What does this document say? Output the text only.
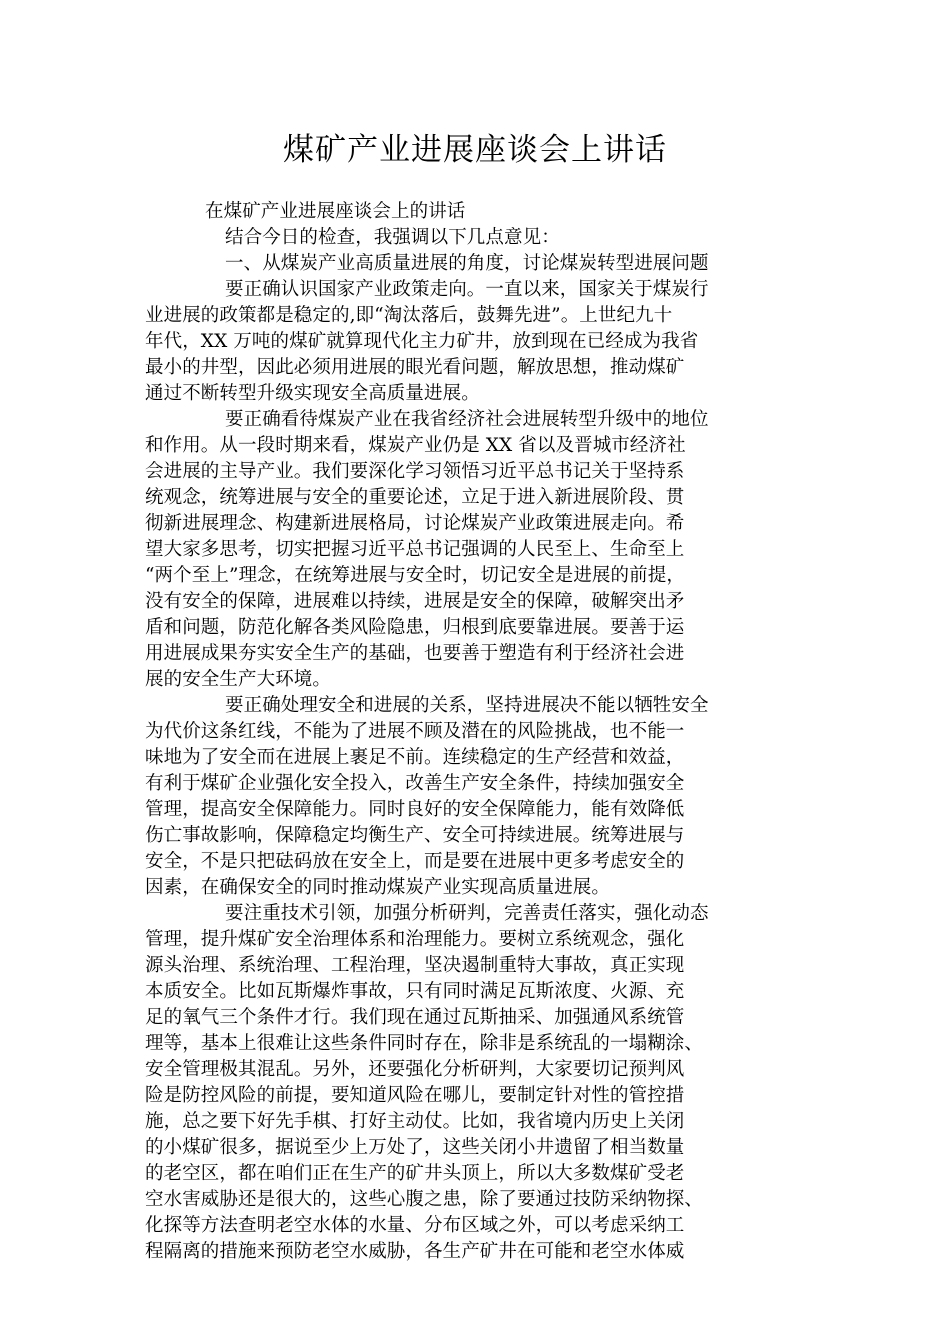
煤矿产业进展座谈会上讲话
在煤矿产业进展座谈会上的讲话
结合今日的检查，我强调以下几点意见：
一、从煤炭产业高质量进展的角度，讨论煤炭转型进展问题
要正确认识国家产业政策走向。一直以来，国家关于煤炭行
业进展的政策都是稳定的,即“淘汰落后，鼓舞先进”。上世纪九十
年代，XX 万吨的煤矿就算现代化主力矿井，放到现在已经成为我省
最小的井型，因此必须用进展的眼光看问题，解放思想，推动煤矿
通过不断转型升级实现安全高质量进展。
要正确看待煤炭产业在我省经济社会进展转型升级中的地位
和作用。从一段时期来看，煤炭产业仍是 XX 省以及晋城市经济社
会进展的主导产业。我们要深化学习领悟习近平总书记关于坚持系
统观念，统筹进展与安全的重要论述，立足于进入新进展阶段、贯
彻新进展理念、构建新进展格局，讨论煤炭产业政策进展走向。希
望大家多思考，切实把握习近平总书记强调的人民至上、生命至上
“两个至上”理念，在统筹进展与安全时，切记安全是进展的前提，
没有安全的保障，进展难以持续，进展是安全的保障，破解突出矛
盾和问题，防范化解各类风险隐患，归根到底要靠进展。要善于运
用进展成果夯实安全生产的基础，也要善于塑造有利于经济社会进
展的安全生产大环境。
要正确处理安全和进展的关系，坚持进展决不能以牺牲安全
为代价这条红线，不能为了进展不顾及潜在的风险挑战，也不能一
味地为了安全而在进展上裹足不前。连续稳定的生产经营和效益，
有利于煤矿企业强化安全投入，改善生产安全条件，持续加强安全
管理，提高安全保障能力。同时良好的安全保障能力，能有效降低
伤亡事故影响，保障稳定均衡生产、安全可持续进展。统筹进展与
安全，不是只把砝码放在安全上，而是要在进展中更多考虑安全的
因素，在确保安全的同时推动煤炭产业实现高质量进展。
要注重技术引领，加强分析研判，完善责任落实，强化动态
管理，提升煤矿安全治理体系和治理能力。要树立系统观念，强化
源头治理、系统治理、工程治理，坚决遏制重特大事故，真正实现
本质安全。比如瓦斯爆炸事故，只有同时满足瓦斯浓度、火源、充
足的氧气三个条件才行。我们现在通过瓦斯抽采、加强通风系统管
理等，基本上很难让这些条件同时存在，除非是系统乱的一塌糊涂、
安全管理极其混乱。另外，还要强化分析研判，大家要切记预判风
险是防控风险的前提，要知道风险在哪儿，要制定针对性的管控措
施，总之要下好先手棋、打好主动仗。比如，我省境内历史上关闭
的小煤矿很多，据说至少上万处了，这些关闭小井遗留了相当数量
的老空区，都在咱们正在生产的矿井头顶上，所以大多数煤矿受老
空水害威胁还是很大的，这些心腹之患，除了要通过技防采纳物探、
化探等方法查明老空水体的水量、分布区域之外，可以考虑采纳工
程隔离的措施来预防老空水威胁，各生产矿井在可能和老空水体威
